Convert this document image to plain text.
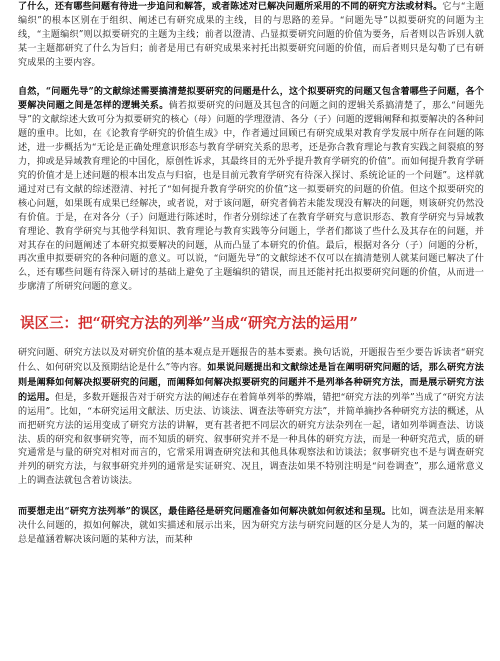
了什么，还有哪些问题有待进一步追问和解答，或者陈述对已解决问题所采用的不同的研究方法或材料。它与“主题编织”的根本区别在于组织、阐述已有研究成果的主线，目的与思路的差异。“问题先导”以拟要研究的问题为主线，“主题编织”则以拟要研究的主题为主线；前者以澄清、凸显拟要研究问题的价值为要务，后者则以告诉别人就某一主题都研究了什么为旨归；前者是用已有研究成果来衬托出拟要研究问题的价值，而后者则只是勾勒了已有研究成果的主要内容。

自然，“问题先导”的文献综述需要搞清楚拟要研究的问题是什么，这个拟要研究的问题又包含着哪些子问题，各个要解决问题之间是怎样的逻辑关系。倘若拟要研究的问题及其包含的问题之间的逻辑关系搞清楚了，那么“问题先导”的文献综述大致可分为拟要研究的核心（母）问题的学理澄清、各分（子）问题的逻辑阐释和拟要解决的各种问题的重申。比如，在《论教育学研究的价值生成》中，作者通过回顾已有研究成果对教育学发展中所存在问题的陈述，进一步概括为“无论是正确处理意识形态与教育学研究关系的思考，还是弥合教育理论与教育实践之间裂痕的努力，抑或是异域教育理论的中国化，原创性诉求，其最终目的无外乎提升教育学研究的价值”。而如何提升教育学研究的价值才是上述问题的根本出发点与归宿，也是目前元教育学研究有待深入探讨、系统论证的一个问题”。这样就通过对已有文献的综述澄清、衬托了“如何提升教育学研究的价值”这一拟要研究的问题的价值。但这个拟要研究的核心问题，如果既有成果已经解决，或者说，对于该问题，研究者倘若未能发现没有解决的问题，则该研究仍然没有价值。于是，在对各分（子）问题进行陈述时，作者分别综述了在教育学研究与意识形态、教育学研究与异域教育理论、教育学研究与其他学科知识、教育理论与教育实践等分问题上，学者们都谈了些什么及其存在的问题，并对其存在的问题阐述了本研究拟要解决的问题，从而凸显了本研究的价值。最后，根据对各分（子）问题的分析，再次重申拟要研究的各种问题的意义。可以说，“问题先导”的文献综述不仅可以在搞清楚别人就某问题已解决了什么，还有哪些问题有待深入研讨的基础上避免了主题编织的错误，而且还能衬托出拟要研究问题的价值，从而进一步廓清了所研究问题的意义。

误区三：把“研究方法的列举”当成“研究方法的运用”

研究问题、研究方法以及对研究价值的基本观点是开题报告的基本要素。换句话说，开题报告至少要告诉读者“研究什么、如何研究以及预期结论是什么”等内容。如果说问题提出和文献综述是旨在阐明研究问题的话，那么研究方法则是阐释如何解决拟要研究的问题，而阐释如何解决拟要研究的问题并不是列举各种研究方法，而是展示研究方法的运用。但是，多数开题报告对于研究方法的阐述存在着简单列举的弊端，错把“研究方法的列举”当成了“研究方法的运用”。比如，“本研究运用文献法、历史法、访谈法、调查法等研究方法”，并简单摘抄各种研究方法的概述，从而把研究方法的运用变成了研究方法的讲解，更有甚者把不同层次的研究方法杂列在一起，诸如列举调查法、访谈法、质的研究和叙事研究等，而不知质的研究、叙事研究并不是一种具体的研究方法，而是一种研究范式，质的研究通常是与量的研究对相对而言的，它常采用调查研究法和其他具体观察法和访谈法；叙事研究也不是与调查研究并列的研究方法，与叙事研究并列的通常是实证研究、况且，调查法如果不特别注明是“问卷调查”，那么通常意义上的调查法就包含着访谈法。

而要想走出“研究方法列举”的误区，最佳路径是研究问题准备如何解决就如何叙述和呈现。比如，调查法是用来解决什么问题的，拟如何解决，就如实描述和展示出来，因为研究方法与研究问题的区分是人为的，某一问题的解决总是蕴涵着解决该问题的某种方法，而某种
